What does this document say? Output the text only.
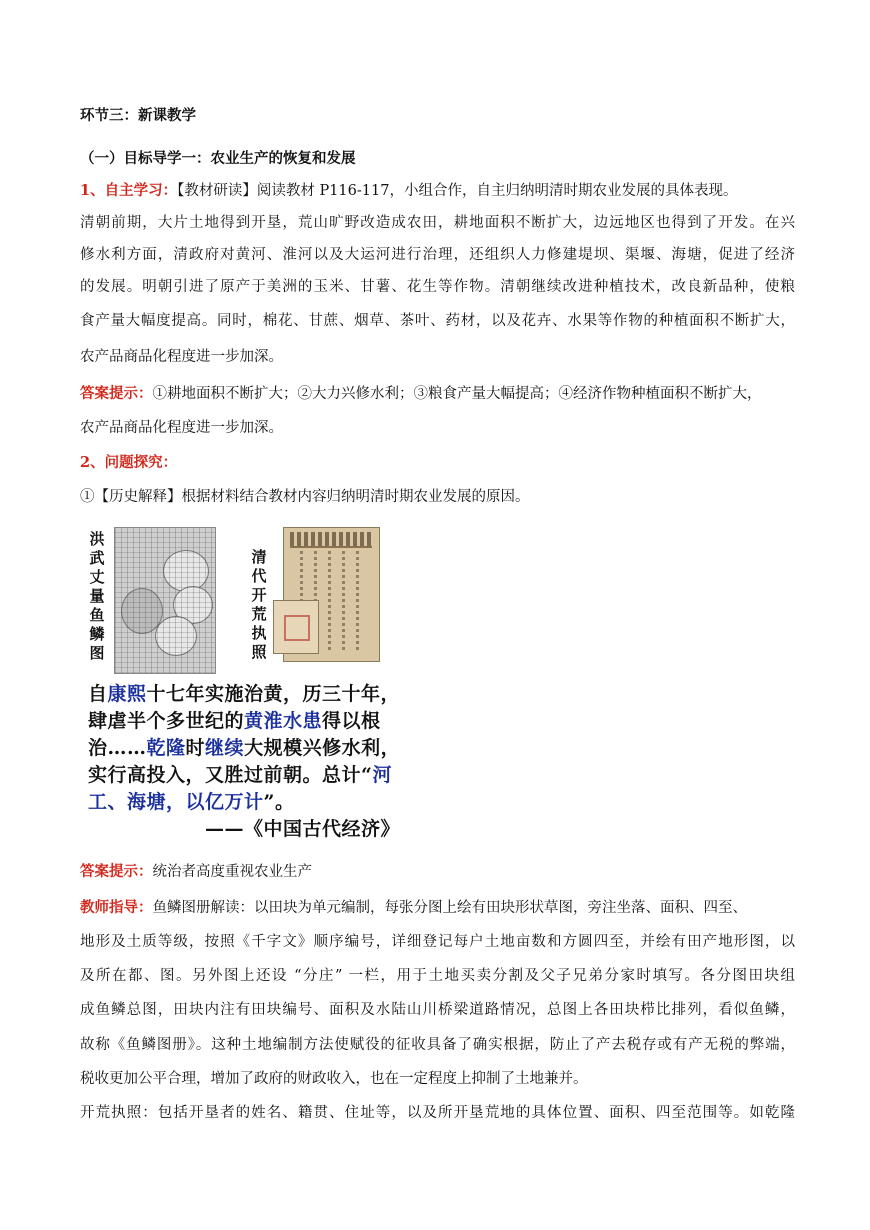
环节三：新课教学
（一）目标导学一：农业生产的恢复和发展
1、自主学习：【教材研读】阅读教材 P116-117，小组合作，自主归纳明清时期农业发展的具体表现。
清朝前期，大片土地得到开垦，荒山旷野改造成农田，耕地面积不断扩大，边远地区也得到了开发。在兴
修水利方面，清政府对黄河、淮河以及大运河进行治理，还组织人力修建堤坝、渠堰、海塘，促进了经济
的发展。明朝引进了原产于美洲的玉米、甘薯、花生等作物。清朝继续改进种植技术，改良新品种，使粮
食产量大幅度提高。同时，棉花、甘蔗、烟草、茶叶、药材，以及花卉、水果等作物的种植面积不断扩大，
农产品商品化程度进一步加深。
答案提示：①耕地面积不断扩大；②大力兴修水利；③粮食产量大幅提高；④经济作物种植面积不断扩大，
农产品商品化程度进一步加深。
2、问题探究：
①【历史解释】根据材料结合教材内容归纳明清时期农业发展的原因。
洪
武
丈
量
鱼
鳞
图
清
代
开
荒
执
照
自康熙十七年实施治黄，历三十年，
肆虐半个多世纪的黄淮水患得以根
治……乾隆时继续大规模兴修水利，
实行高投入，又胜过前朝。总计“河
工、海塘，以亿万计”。
——《中国古代经济》
答案提示：统治者高度重视农业生产
教师指导：鱼鳞图册解读：以田块为单元编制，每张分图上绘有田块形状草图，旁注坐落、面积、四至、
地形及土质等级，按照《千字文》顺序编号，详细登记每户土地亩数和方圆四至，并绘有田产地形图，以
及所在都、图。另外图上还设 “分庄” 一栏，用于土地买卖分割及父子兄弟分家时填写。各分图田块组
成鱼鳞总图，田块内注有田块编号、面积及水陆山川桥梁道路情况，总图上各田块栉比排列，看似鱼鳞，
故称《鱼鳞图册》。这种土地编制方法使赋役的征收具备了确实根据，防止了产去税存或有产无税的弊端，
税收更加公平合理，增加了政府的财政收入，也在一定程度上抑制了土地兼并。
开荒执照：包括开垦者的姓名、籍贯、住址等，以及所开垦荒地的具体位置、面积、四至范围等。如乾隆
